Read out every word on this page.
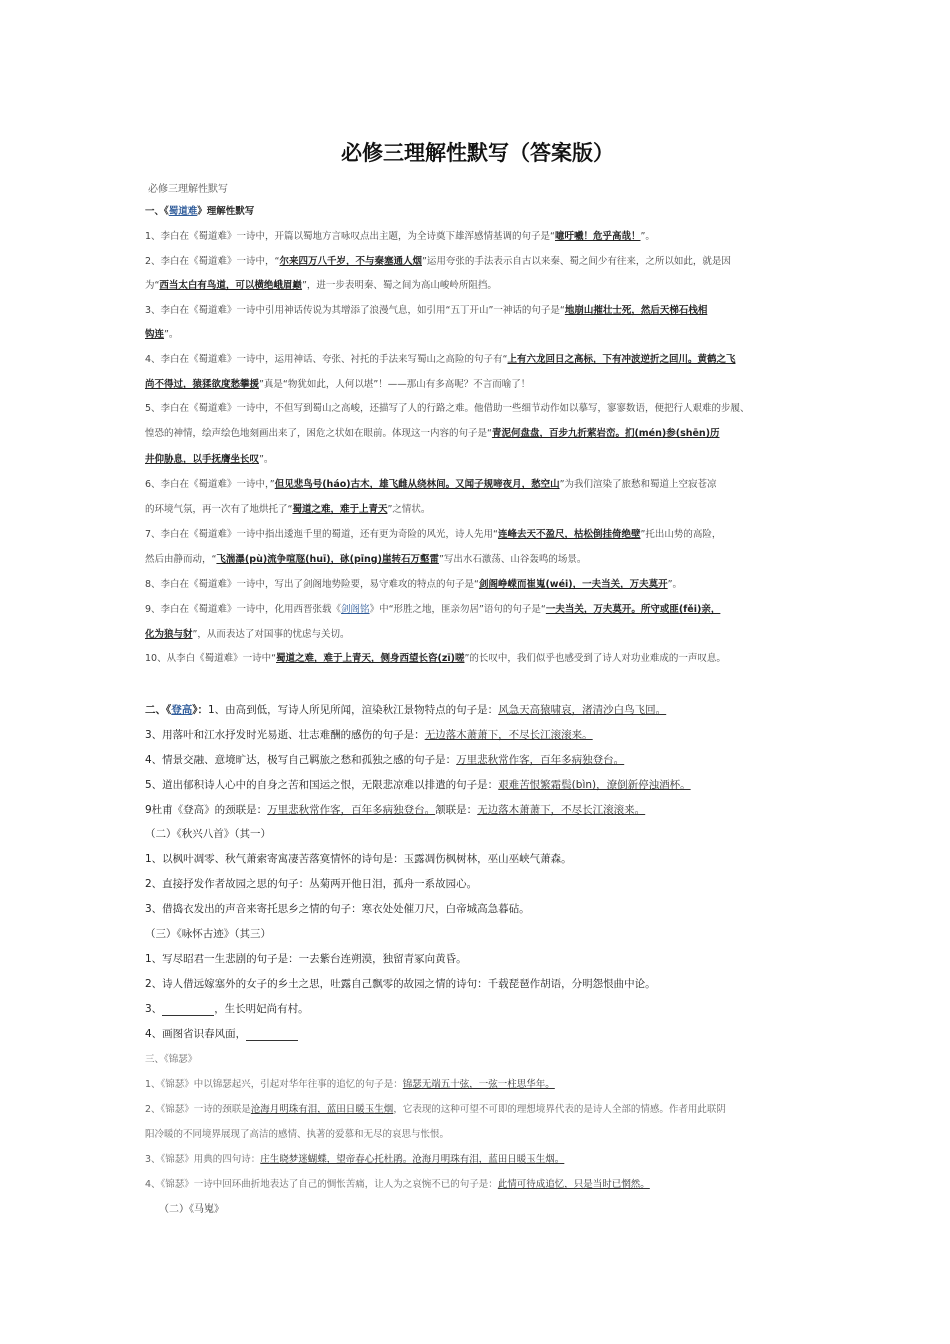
必修三理解性默写（答案版）
必修三理解性默写
一、《蜀道难》理解性默写
1、李白在《蜀道难》一诗中，开篇以蜀地方言咏叹点出主题，为全诗奠下雄浑感情基调的句子是“噫吁嚱！危乎高哉！”。
2、李白在《蜀道难》一诗中，“尔来四万八千岁，不与秦塞通人烟”运用夸张的手法表示自古以来秦、蜀之间少有往来，之所以如此，就是因
为“西当太白有鸟道，可以横绝峨眉巅”，进一步表明秦、蜀之间为高山峻岭所阻挡。
3、李白在《蜀道难》一诗中引用神话传说为其增添了浪漫气息，如引用“五丁开山”一神话的句子是“地崩山摧壮士死，然后天梯石栈相
钩连”。
4、李白在《蜀道难》一诗中，运用神话、夸张、衬托的手法来写蜀山之高险的句子有“上有六龙回日之高标，下有冲波逆折之回川。黄鹤之飞
尚不得过，猿猱欲度愁攀援”真是“物犹如此，人何以堪”！——那山有多高呢？不言而喻了！
5、李白在《蜀道难》一诗中，不但写到蜀山之高峻，还描写了人的行路之难。他借助一些细节动作如以摹写，寥寥数语，便把行人艰难的步履、
惶恐的神情，绘声绘色地刻画出来了，困危之状如在眼前。体现这一内容的句子是“青泥何盘盘，百步九折萦岩峦。扪(mén)参(shēn)历
井仰胁息，以手抚膺坐长叹”。
6、李白在《蜀道难》一诗中，”但见悲鸟号(háo)古木，雄飞雌从绕林间。又闻子规啼夜月，愁空山”为我们渲染了旅愁和蜀道上空寂苍凉
的环境气氛，再一次有了地烘托了“蜀道之难，难于上青天”之情状。
7、李白在《蜀道难》一诗中指出逶迤千里的蜀道，还有更为奇险的风光，诗人先用“连峰去天不盈尺，枯松倒挂倚绝壁”托出山势的高险，
然后由静而动，“飞湍瀑(pù)流争喧豗(huī)，砯(pīng)崖转石万壑雷”写出水石激荡、山谷轰鸣的场景。
8、李白在《蜀道难》一诗中，写出了剑阁地势险要，易守难攻的特点的句子是“剑阁峥嵘而崔嵬(wéi)，一夫当关，万夫莫开”。
9、李白在《蜀道难》一诗中，化用西晋张载《剑阁铭》中“形胜之地，匪亲勿居”语句的句子是“一夫当关，万夫莫开。所守或匪(fěi)亲，
化为狼与豺”，从而表达了对国事的忧虑与关切。
10、从李白《蜀道难》一诗中“蜀道之难，难于上青天，侧身西望长咨(zī)嗟”的长叹中，我们似乎也感受到了诗人对功业难成的一声叹息。
二、《登高》：1、由高到低，写诗人所见所闻，渲染秋江景物特点的句子是：风急天高猿啸哀，渚清沙白鸟飞回。
3、用落叶和江水抒发时光易逝、壮志难酬的感伤的句子是：无边落木萧萧下，不尽长江滚滚来。
4、情景交融、意境旷达，极写自己羁旅之愁和孤独之感的句子是：万里悲秋常作客，百年多病独登台。
5、道出郁积诗人心中的自身之苦和国运之恨，无限悲凉难以排遣的句子是：艰难苦恨繁霜鬓(bìn)，潦倒新停浊酒杯。
9杜甫《登高》的颈联是：万里悲秋常作客，百年多病独登台。颔联是：无边落木萧萧下，不尽长江滚滚来。
（二）《秋兴八首》（其一）
1、以枫叶凋零、秋气萧索寄寓凄苦落寞情怀的诗句是：玉露凋伤枫树林，巫山巫峡气萧森。
2、直接抒发作者故园之思的句子：丛菊两开他日泪，孤舟一系故园心。
3、借捣衣发出的声音来寄托思乡之情的句子：寒衣处处催刀尺，白帝城高急暮砧。
（三）《咏怀古迹》（其三）
1、写尽昭君一生悲剧的句子是：一去紫台连朔漠，独留青冢向黄昏。
2、诗人借远嫁塞外的女子的乡土之思，吐露自己飘零的故园之情的诗句：千载琵琶作胡语，分明怨恨曲中论。
3、	，生长明妃尚有村。
4、画图省识春风面，
三、《锦瑟》
1、《锦瑟》中以锦瑟起兴，引起对华年往事的追忆的句子是：锦瑟无端五十弦，一弦一柱思华年。
2、《锦瑟》一诗的颈联是沧海月明珠有泪，蓝田日暖玉生烟，它表现的这种可望不可即的理想境界代表的是诗人全部的情感。作者用此联阴
阳冷暖的不同境界展现了高洁的感情、执著的爱慕和无尽的哀思与怅恨。
3、《锦瑟》用典的四句诗：庄生晓梦迷蝴蝶，望帝春心托杜鹃。沧海月明珠有泪，蓝田日暖玉生烟。
4、《锦瑟》一诗中回环曲折地表达了自己的惆怅苦痛，让人为之哀惋不已的句子是：此情可待成追忆，只是当时已惘然。
（二）《马嵬》
